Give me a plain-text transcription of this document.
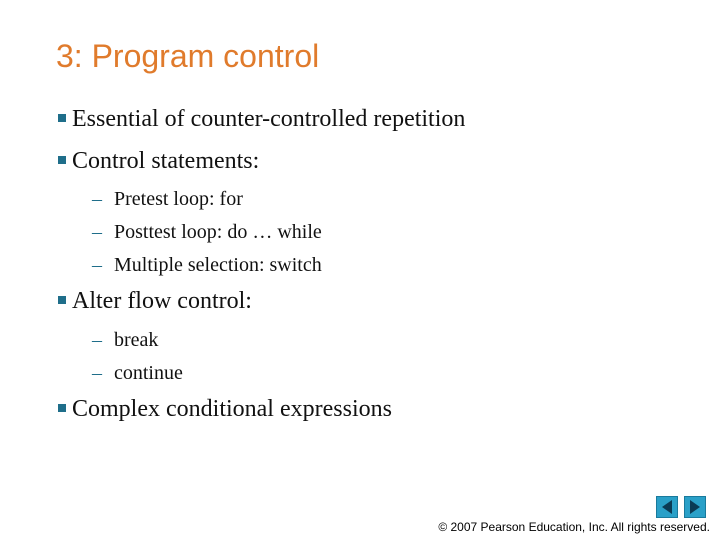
3: Program control
Essential of counter-controlled repetition
Control statements:
– Pretest loop: for
– Posttest loop: do … while
– Multiple selection: switch
Alter flow control:
– break
– continue
Complex conditional expressions
© 2007 Pearson Education, Inc. All rights reserved.
